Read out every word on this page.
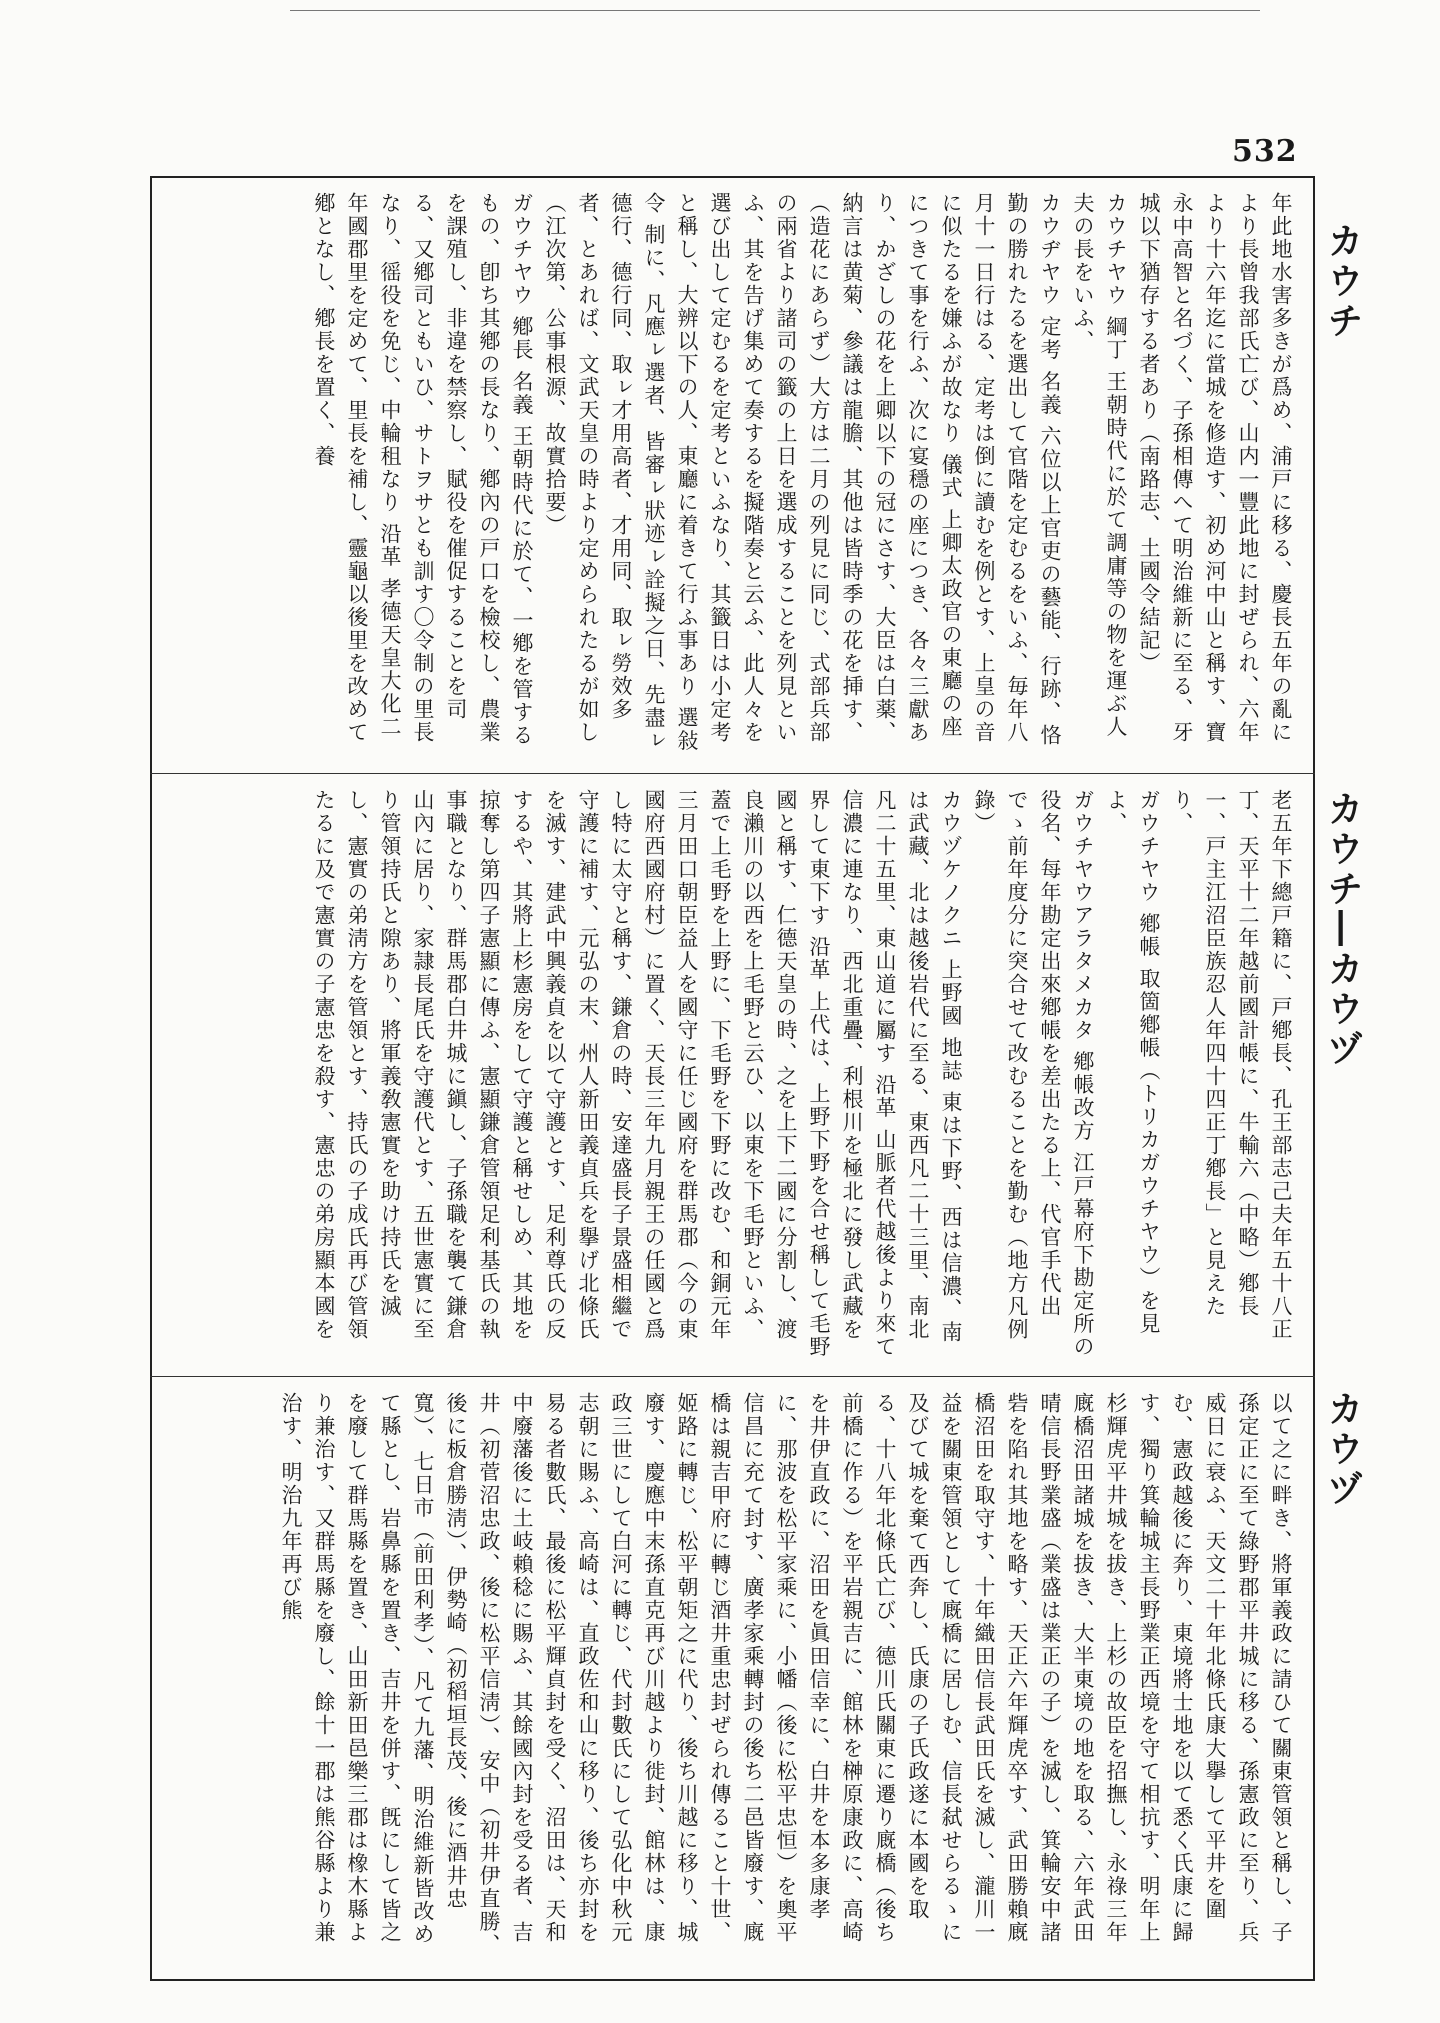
532
カウチ
カウチ―カウヅ
カウヅ
年此地水害多きが爲め、浦戸に移る、慶長五年の亂により長曾我部氏亡び、山内一豐此地に封ぜられ、六年より十六年迄に當城を修造す、初め河中山と稱す、寶永中高智と名づく、子孫相傳へて明治維新に至る、牙城以下猶存する者あり（南路志、土國令結記）
カウチヤウ 綱丁 王朝時代に於て調庸等の物を運ぶ人夫の長をいふ、
カウヂヤウ 定考 名義 六位以上官吏の藝能、行跡、恪勤の勝れたるを選出して官階を定むるをいふ、毎年八月十一日行はる、定考は倒に讀むを例とす、上皇の音に似たるを嫌ふが故なり 儀式 上卿太政官の東廳の座につきて事を行ふ、次に宴穩の座につき、各々三獻あり、かざしの花を上卿以下の冠にさす、大臣は白薬、納言は黄菊、參議は龍膽、其他は皆時季の花を挿す、（造花にあらず）大方は二月の列見に同じ、式部兵部の兩省より諸司の籤の上日を選成することを列見といふ、其を告げ集めて奏するを擬階奏と云ふ、此人々を選び出して定むるを定考といふなり、其籤日は小定考と稱し、大辨以下の人、東廳に着きて行ふ事あり 選敍令 制に、凡應ㇾ選者、皆審ㇾ狀迹ㇾ詮擬之日、先盡ㇾ德行、德行同、取ㇾ才用高者、才用同、取ㇾ勞效多者、とあれば、文武天皇の時より定められたるが如し（江次第、公事根源、故實拾要）
ガウチヤウ 鄕長 名義 王朝時代に於て、一鄕を管するもの、卽ち其鄕の長なり、鄕內の戸口を檢校し、農業を課殖し、非違を禁察し、賦役を催促することを司る、又鄕司ともいひ、サトヲサとも訓す〇令制の里長なり、徭役を免じ、中輪租なり 沿革 孝德天皇大化二年國郡里を定めて、里長を補し、靈龜以後里を改めて鄕となし、鄕長を置く、養
老五年下總戸籍に、戸鄕長、孔王部志己夫年五十八正丁、天平十二年越前國計帳に、牛輸六（中略）鄕長一、戸主江沼臣族忍人年四十四正丁鄕長」と見えたり、
ガウチヤウ 鄕帳 取箇鄕帳（トリカガウチヤウ）を見よ、
ガウチヤウアラタメカタ 鄕帳改方 江戸幕府下勘定所の役名、每年勘定出來鄕帳を差出たる上、代官手代出でゝ前年度分に突合せて改むることを勤む（地方凡例錄）
カウヅケノクニ 上野國 地誌 東は下野、西は信濃、南は武藏、北は越後岩代に至る、東西凡二十三里、南北凡二十五里、東山道に屬す 沿革 山脈者代越後より來て信濃に連なり、西北重疊、利根川を極北に發し武藏を界して東下す 沿革 上代は、上野下野を合せ稱して毛野國と稱す、仁德天皇の時、之を上下二國に分割し、渡良瀨川の以西を上毛野と云ひ、以東を下毛野といふ、蓋で上毛野を上野に、下毛野を下野に改む、和銅元年三月田口朝臣益人を國守に任じ國府を群馬郡（今の東國府西國府村）に置く、天長三年九月親王の任國と爲し特に太守と稱す、鎌倉の時、安達盛長子景盛相繼で守護に補す、元弘の末、州人新田義貞兵を擧げ北條氏を滅す、建武中興義貞を以て守護とす、足利尊氏の反するや、其將上杉憲房をして守護と稱せしめ、其地を掠奪し第四子憲顯に傳ふ、憲顯鎌倉管領足利基氏の執事職となり、群馬郡白井城に鎭し、子孫職を襲て鎌倉山內に居り、家隷長尾氏を守護代とす、五世憲實に至り管領持氏と隙あり、將軍義敎憲實を助け持氏を滅し、憲實の弟淸方を管領とす、持氏の子成氏再び管領たるに及で憲實の子憲忠を殺す、憲忠の弟房顯本國を
以て之に畔き、將軍義政に請ひて關東管領と稱し、子孫定正に至て綠野郡平井城に移る、孫憲政に至り、兵威日に衰ふ、天文二十年北條氏康大擧して平井を圍む、憲政越後に奔り、東境將士地を以て悉く氏康に歸す、獨り箕輪城主長野業正西境を守て相抗す、明年上杉輝虎平井城を拔き、上杉の故臣を招撫し、永祿三年廐橋沼田諸城を拔き、大半東境の地を取る、六年武田晴信長野業盛（業盛は業正の子）を滅し、箕輪安中諸砦を陷れ其地を略す、天正六年輝虎卒す、武田勝賴廐橋沼田を取守す、十年織田信長武田氏を滅し、瀧川一益を關東管領として廐橋に居しむ、信長弑せらるゝに及びて城を棄て西奔し、氏康の子氏政遂に本國を取る、十八年北條氏亡び、德川氏關東に遷り廐橋（後ち前橋に作る）を平岩親吉に、館林を榊原康政に、高崎を井伊直政に、沼田を眞田信幸に、白井を本多康孝に、那波を松平家乘に、小幡（後に松平忠恒）を奧平信昌に充て封す、廣孝家乘轉封の後ち二邑皆廢す、廐橋は親吉甲府に轉じ酒井重忠封ぜられ傳ること十世、姬路に轉じ、松平朝矩之に代り、後ち川越に移り、城廢す、慶應中末孫直克再び川越より徙封、館林は、康政三世にして白河に轉じ、代封數氏にして弘化中秋元志朝に賜ふ、高崎は、直政佐和山に移り、後ち亦封を易る者數氏、最後に松平輝貞封を受く、沼田は、天和中廢藩後に土岐賴稔に賜ふ、其餘國內封を受る者、吉井（初菅沼忠政、後に松平信淸）、安中（初井伊直勝、後に板倉勝淸）、伊勢崎（初稻垣長茂、後に酒井忠寬）、七日市（前田利孝）、凡て九藩、明治維新皆改めて縣とし、岩鼻縣を置き、吉井を併す、旣にして皆之を廢して群馬縣を置き、山田新田邑樂三郡は橡木縣より兼治す、又群馬縣を廢し、餘十一郡は熊谷縣より兼治す、明治九年再び熊
